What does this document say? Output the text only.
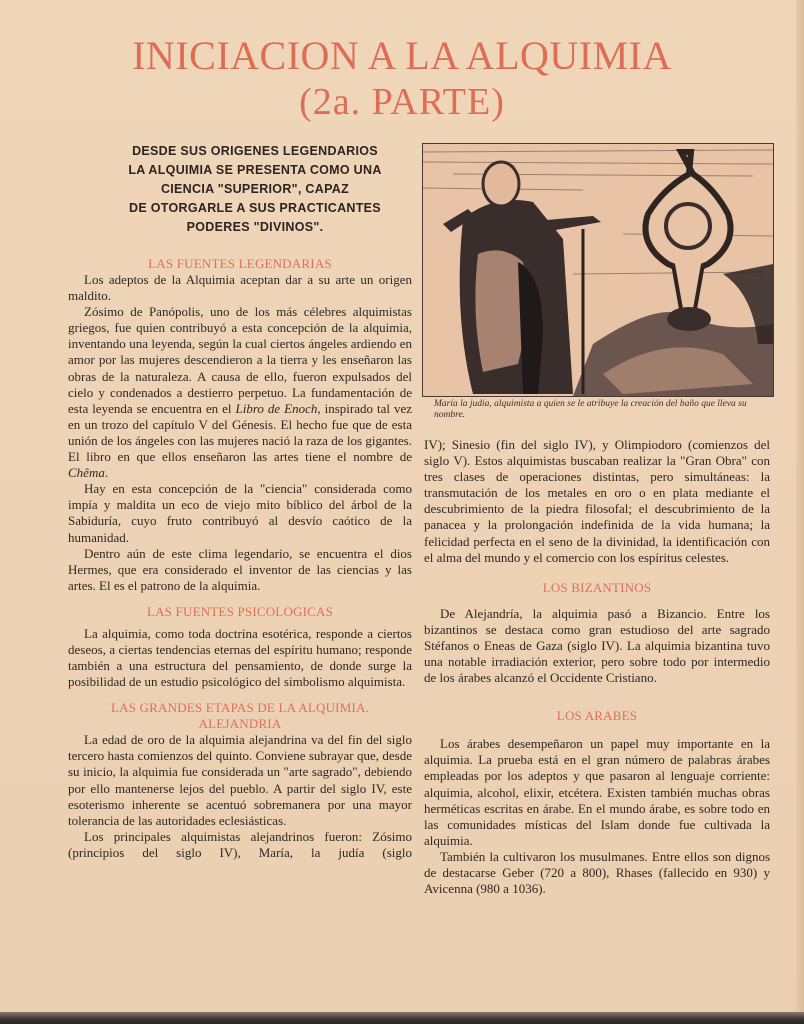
INICIACION A LA ALQUIMIA
(2a. PARTE)
DESDE SUS ORIGENES LEGENDARIOS
LA ALQUIMIA SE PRESENTA COMO UNA
CIENCIA "SUPERIOR", CAPAZ
DE OTORGARLE A SUS PRACTICANTES
PODERES "DIVINOS".
María la judía, alquimista a quien se le atribuye la creación del baño que lleva su nombre.
LAS FUENTES LEGENDARIAS

Los adeptos de la Alquimia aceptan dar a su arte un origen maldito.

Zósimo de Panópolis, uno de los más célebres alquimistas griegos, fue quien contribuyó a esta concepción de la alquimia, inventando una leyenda, según la cual ciertos ángeles ardiendo en amor por las mujeres descendieron a la tierra y les enseñaron las obras de la naturaleza. A causa de ello, fueron expulsados del cielo y condenados a destierro perpetuo. La fundamentación de esta leyenda se encuentra en el Libro de Enoch, inspirado tal vez en un trozo del capítulo V del Génesis. El hecho fue que de esta unión de los ángeles con las mujeres nació la raza de los gigantes. El libro en que ellos enseñaron las artes tiene el nombre de Chêma.

Hay en esta concepción de la "ciencia" considerada como impía y maldita un eco de viejo mito bíblico del árbol de la Sabiduría, cuyo fruto contribuyó al desvío caótico de la humanidad.

Dentro aún de este clima legendario, se encuentra el dios Hermes, que era considerado el inventor de las ciencias y las artes. El es el patrono de la alquimia.

LAS FUENTES PSICOLOGICAS

La alquimia, como toda doctrina esotérica, responde a ciertos deseos, a ciertas tendencias eternas del espíritu humano; responde también a una estructura del pensamiento, de donde surge la posibilidad de un estudio psicológico del simbolismo alquimista.

LAS GRANDES ETAPAS DE LA ALQUIMIA.
ALEJANDRIA

La edad de oro de la alquimia alejandrina va del fin del siglo tercero hasta comienzos del quinto. Conviene subrayar que, desde su inicio, la alquimia fue considerada un "arte sagrado", debiendo por ello mantenerse lejos del pueblo. A partir del siglo IV, este esoterismo inherente se acentuó sobremanera por una mayor tolerancia de las autoridades eclesiásticas.

Los principales alquimistas alejandrinos fueron: Zósimo (principios del siglo IV), María, la judía (siglo

IV); Sinesio (fin del siglo IV), y Olimpiodoro (comienzos del siglo V). Estos alquimistas buscaban realizar la "Gran Obra" con tres clases de operaciones distintas, pero simultáneas: la transmutación de los metales en oro o en plata mediante el descubrimiento de la piedra filosofal; el descubrimiento de la panacea y la prolongación indefinida de la vida humana; la felicidad perfecta en el seno de la divinidad, la identificación con el alma del mundo y el comercio con los espíritus celestes.

LOS BIZANTINOS

De Alejandría, la alquimia pasó a Bizancio. Entre los bizantinos se destaca como gran estudioso del arte sagrado Stéfanos o Eneas de Gaza (siglo IV). La alquimia bizantina tuvo una notable irradiación exterior, pero sobre todo por intermedio de los árabes alcanzó el Occidente Cristiano.

LOS ARABES

Los árabes desempeñaron un papel muy importante en la alquimia. La prueba está en el gran número de palabras árabes empleadas por los adeptos y que pasaron al lenguaje corriente: alquimia, alcohol, elixir, etcétera. Existen también muchas obras herméticas escritas en árabe. En el mundo árabe, es sobre todo en las comunidades místicas del Islam donde fue cultivada la alquimia.

También la cultivaron los musulmanes. Entre ellos son dignos de destacarse Geber (720 a 800), Rhases (fallecido en 930) y Avicenna (980 a 1036).
